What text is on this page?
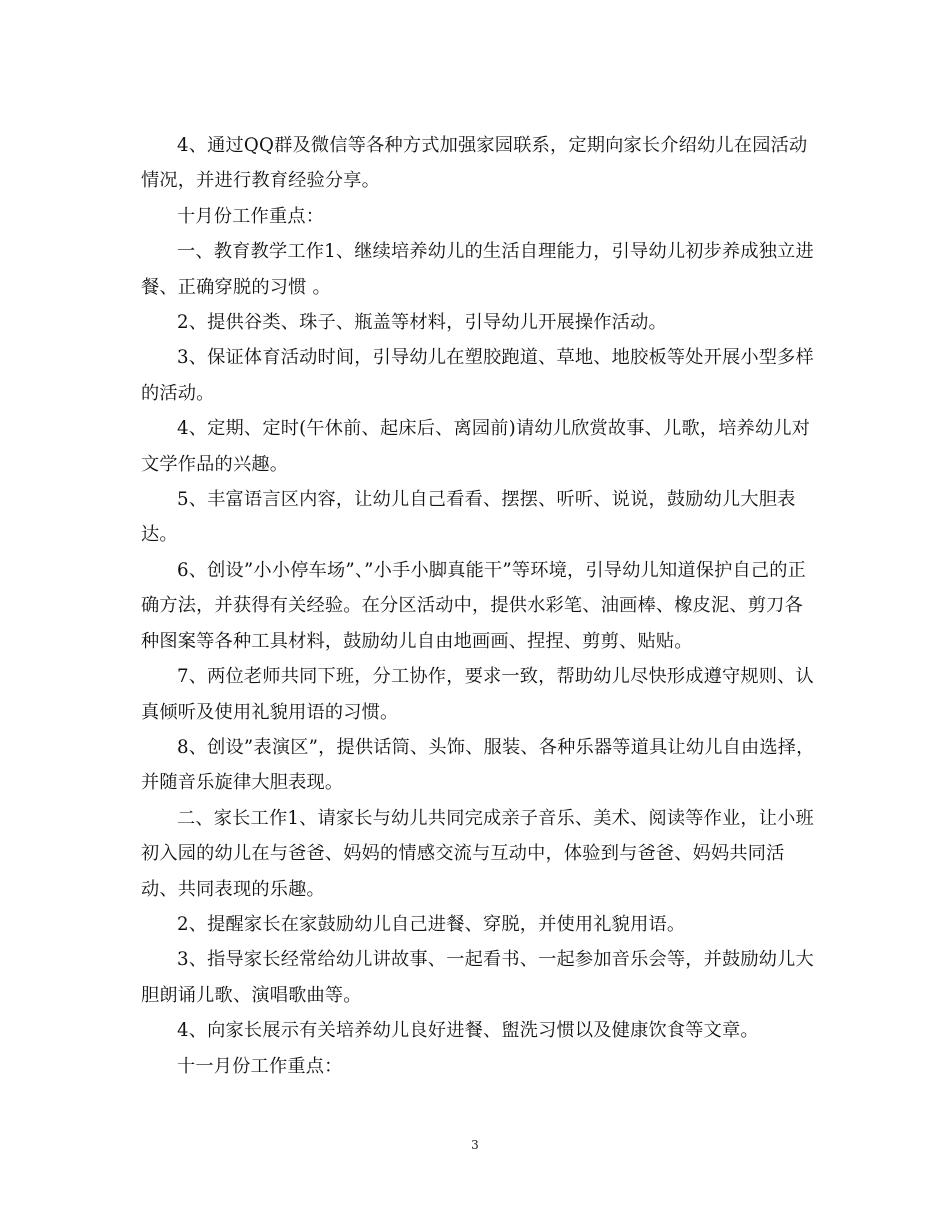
4、通过QQ群及微信等各种方式加强家园联系，定期向家长介绍幼儿在园活动情况，并进行教育经验分享。

十月份工作重点：

一、教育教学工作1、继续培养幼儿的生活自理能力，引导幼儿初步养成独立进餐、正确穿脱的习惯 。

2、提供谷类、珠子、瓶盖等材料，引导幼儿开展操作活动。

3、保证体育活动时间，引导幼儿在塑胶跑道、草地、地胶板等处开展小型多样的活动。

4、定期、定时(午休前、起床后、离园前)请幼儿欣赏故事、儿歌，培养幼儿对文学作品的兴趣。

5、丰富语言区内容，让幼儿自己看看、摆摆、听听、说说，鼓励幼儿大胆表达。

6、创设”小小停车场”、”小手小脚真能干”等环境，引导幼儿知道保护自己的正确方法，并获得有关经验。在分区活动中，提供水彩笔、油画棒、橡皮泥、剪刀各种图案等各种工具材料，鼓励幼儿自由地画画、捏捏、剪剪、贴贴。

7、两位老师共同下班，分工协作，要求一致，帮助幼儿尽快形成遵守规则、认真倾听及使用礼貌用语的习惯。

8、创设”表演区”，提供话筒、头饰、服装、各种乐器等道具让幼儿自由选择，并随音乐旋律大胆表现。

二、家长工作1、请家长与幼儿共同完成亲子音乐、美术、阅读等作业，让小班初入园的幼儿在与爸爸、妈妈的情感交流与互动中，体验到与爸爸、妈妈共同活动、共同表现的乐趣。

2、提醒家长在家鼓励幼儿自己进餐、穿脱，并使用礼貌用语。

3、指导家长经常给幼儿讲故事、一起看书、一起参加音乐会等，并鼓励幼儿大胆朗诵儿歌、演唱歌曲等。

4、向家长展示有关培养幼儿良好进餐、盥洗习惯以及健康饮食等文章。

十一月份工作重点：

3
